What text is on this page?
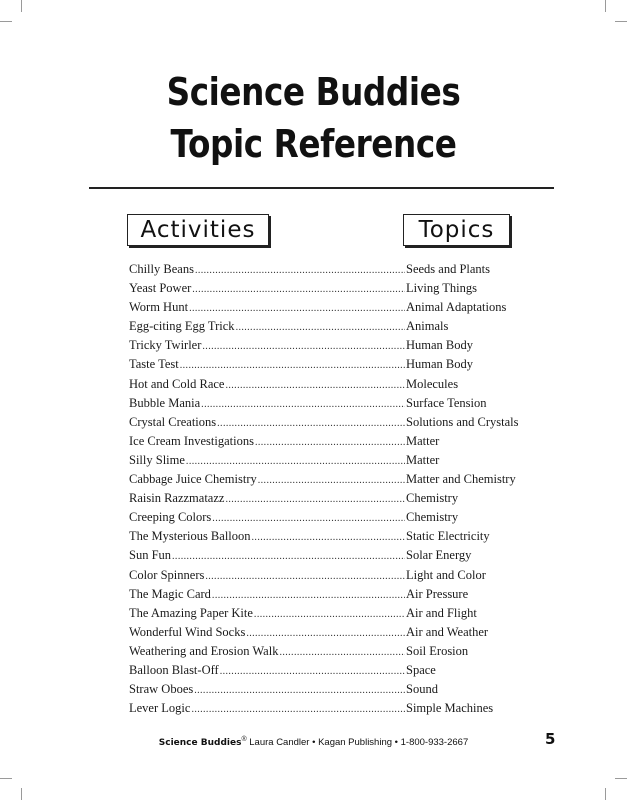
Science Buddies
Topic Reference
Activities	Topics
Chilly Beans .....	Seeds and Plants
Yeast Power .....	Living Things
Worm Hunt .....	Animal Adaptations
Egg-citing Egg Trick .....	Animals
Tricky Twirler .....	Human Body
Taste Test .....	Human Body
Hot and Cold Race .....	Molecules
Bubble Mania .....	Surface Tension
Crystal Creations .....	Solutions and Crystals
Ice Cream Investigations .....	Matter
Silly Slime .....	Matter
Cabbage Juice Chemistry .....	Matter and Chemistry
Raisin Razzmatazz .....	Chemistry
Creeping Colors .....	Chemistry
The Mysterious Balloon .....	Static Electricity
Sun Fun .....	Solar Energy
Color Spinners .....	Light and Color
The Magic Card .....	Air Pressure
The Amazing Paper Kite .....	Air and Flight
Wonderful Wind Socks .....	Air and Weather
Weathering and Erosion Walk .....	Soil Erosion
Balloon Blast-Off .....	Space
Straw Oboes .....	Sound
Lever Logic .....	Simple Machines
Science Buddies® Laura Candler • Kagan Publishing • 1-800-933-2667	5
